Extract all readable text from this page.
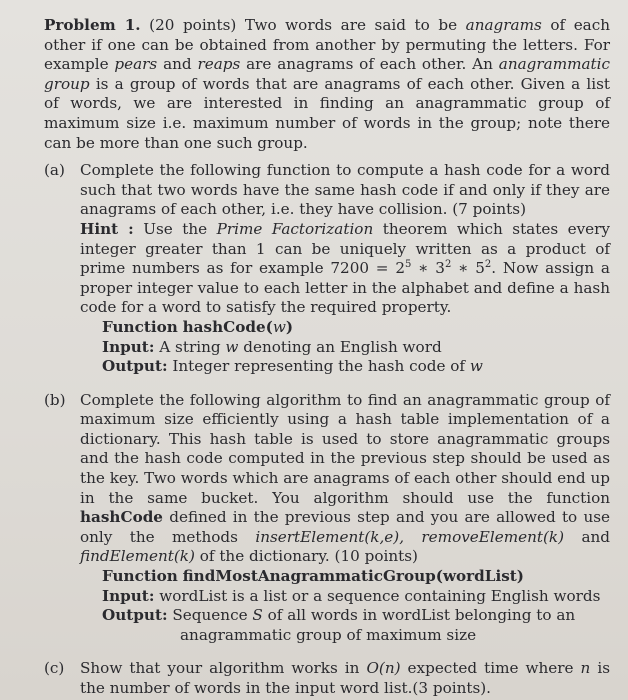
Problem 1. (20 points) Two words are said to be anagrams of each other if one can be obtained from another by permuting the letters. For example pears and reaps are anagrams of each other. An anagrammatic group is a group of words that are anagrams of each other. Given a list of words, we are interested in finding an anagrammatic group of maximum size i.e. maximum number of words in the group; note there can be more than one such group.

(a) Complete the following function to compute a hash code for a word such that two words have the same hash code if and only if they are anagrams of each other, i.e. they have collision. (7 points)
Hint : Use the Prime Factorization theorem which states every integer greater than 1 can be uniquely written as a product of prime numbers as for example $7200 = 2^5$ ∗ $3^2$ ∗ $5^2$. Now assign a proper integer value to each letter in the alphabet and define a hash code for a word to satisfy the required property.
Function hashCode(w)
Input: A string w denoting an English word
Output: Integer representing the hash code of w
(b) Complete the following algorithm to find an anagrammatic group of maximum size efficiently using a hash table implementation of a dictionary. This hash table is used to store anagrammatic groups and the hash code computed in the previous step should be used as the key. Two words which are anagrams of each other should end up in the same bucket. You algorithm should use the function hashCode defined in the previous step and you are allowed to use only the methods insertElement(k,e), removeElement(k) and findElement(k) of the dictionary. (10 points)
Function findMostAnagrammaticGroup(wordList)
Input: wordList is a list or a sequence containing English words
Output: Sequence S of all words in wordList belonging to an
anagrammatic group of maximum size
(c)	Show that your algorithm works in O(n) expected time where n is the number of words in the input word list.(3 points).
